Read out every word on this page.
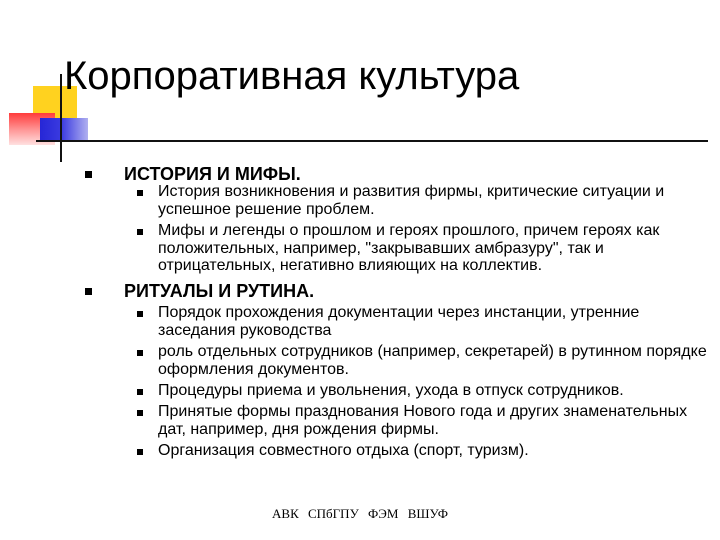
Корпоративная культура
ИСТОРИЯ И МИФЫ.
История возникновения и развития фирмы, критические ситуации и успешное решение проблем.
Мифы и легенды о прошлом и героях прошлого, причем героях как положительных, например, "закрывавших амбразуру", так и отрицательных, негативно влияющих на коллектив.
РИТУАЛЫ И РУТИНА.
Порядок прохождения документации через инстанции, утренние заседания руководства
роль отдельных сотрудников (например, секретарей) в рутинном порядке оформления документов.
Процедуры приема и увольнения, ухода в отпуск сотрудников.
Принятые формы празднования Нового года и других знаменательных дат, например, дня рождения фирмы.
Организация совместного отдыха (спорт, туризм).
АВК СПбГПУ ФЭМ ВШУФ
